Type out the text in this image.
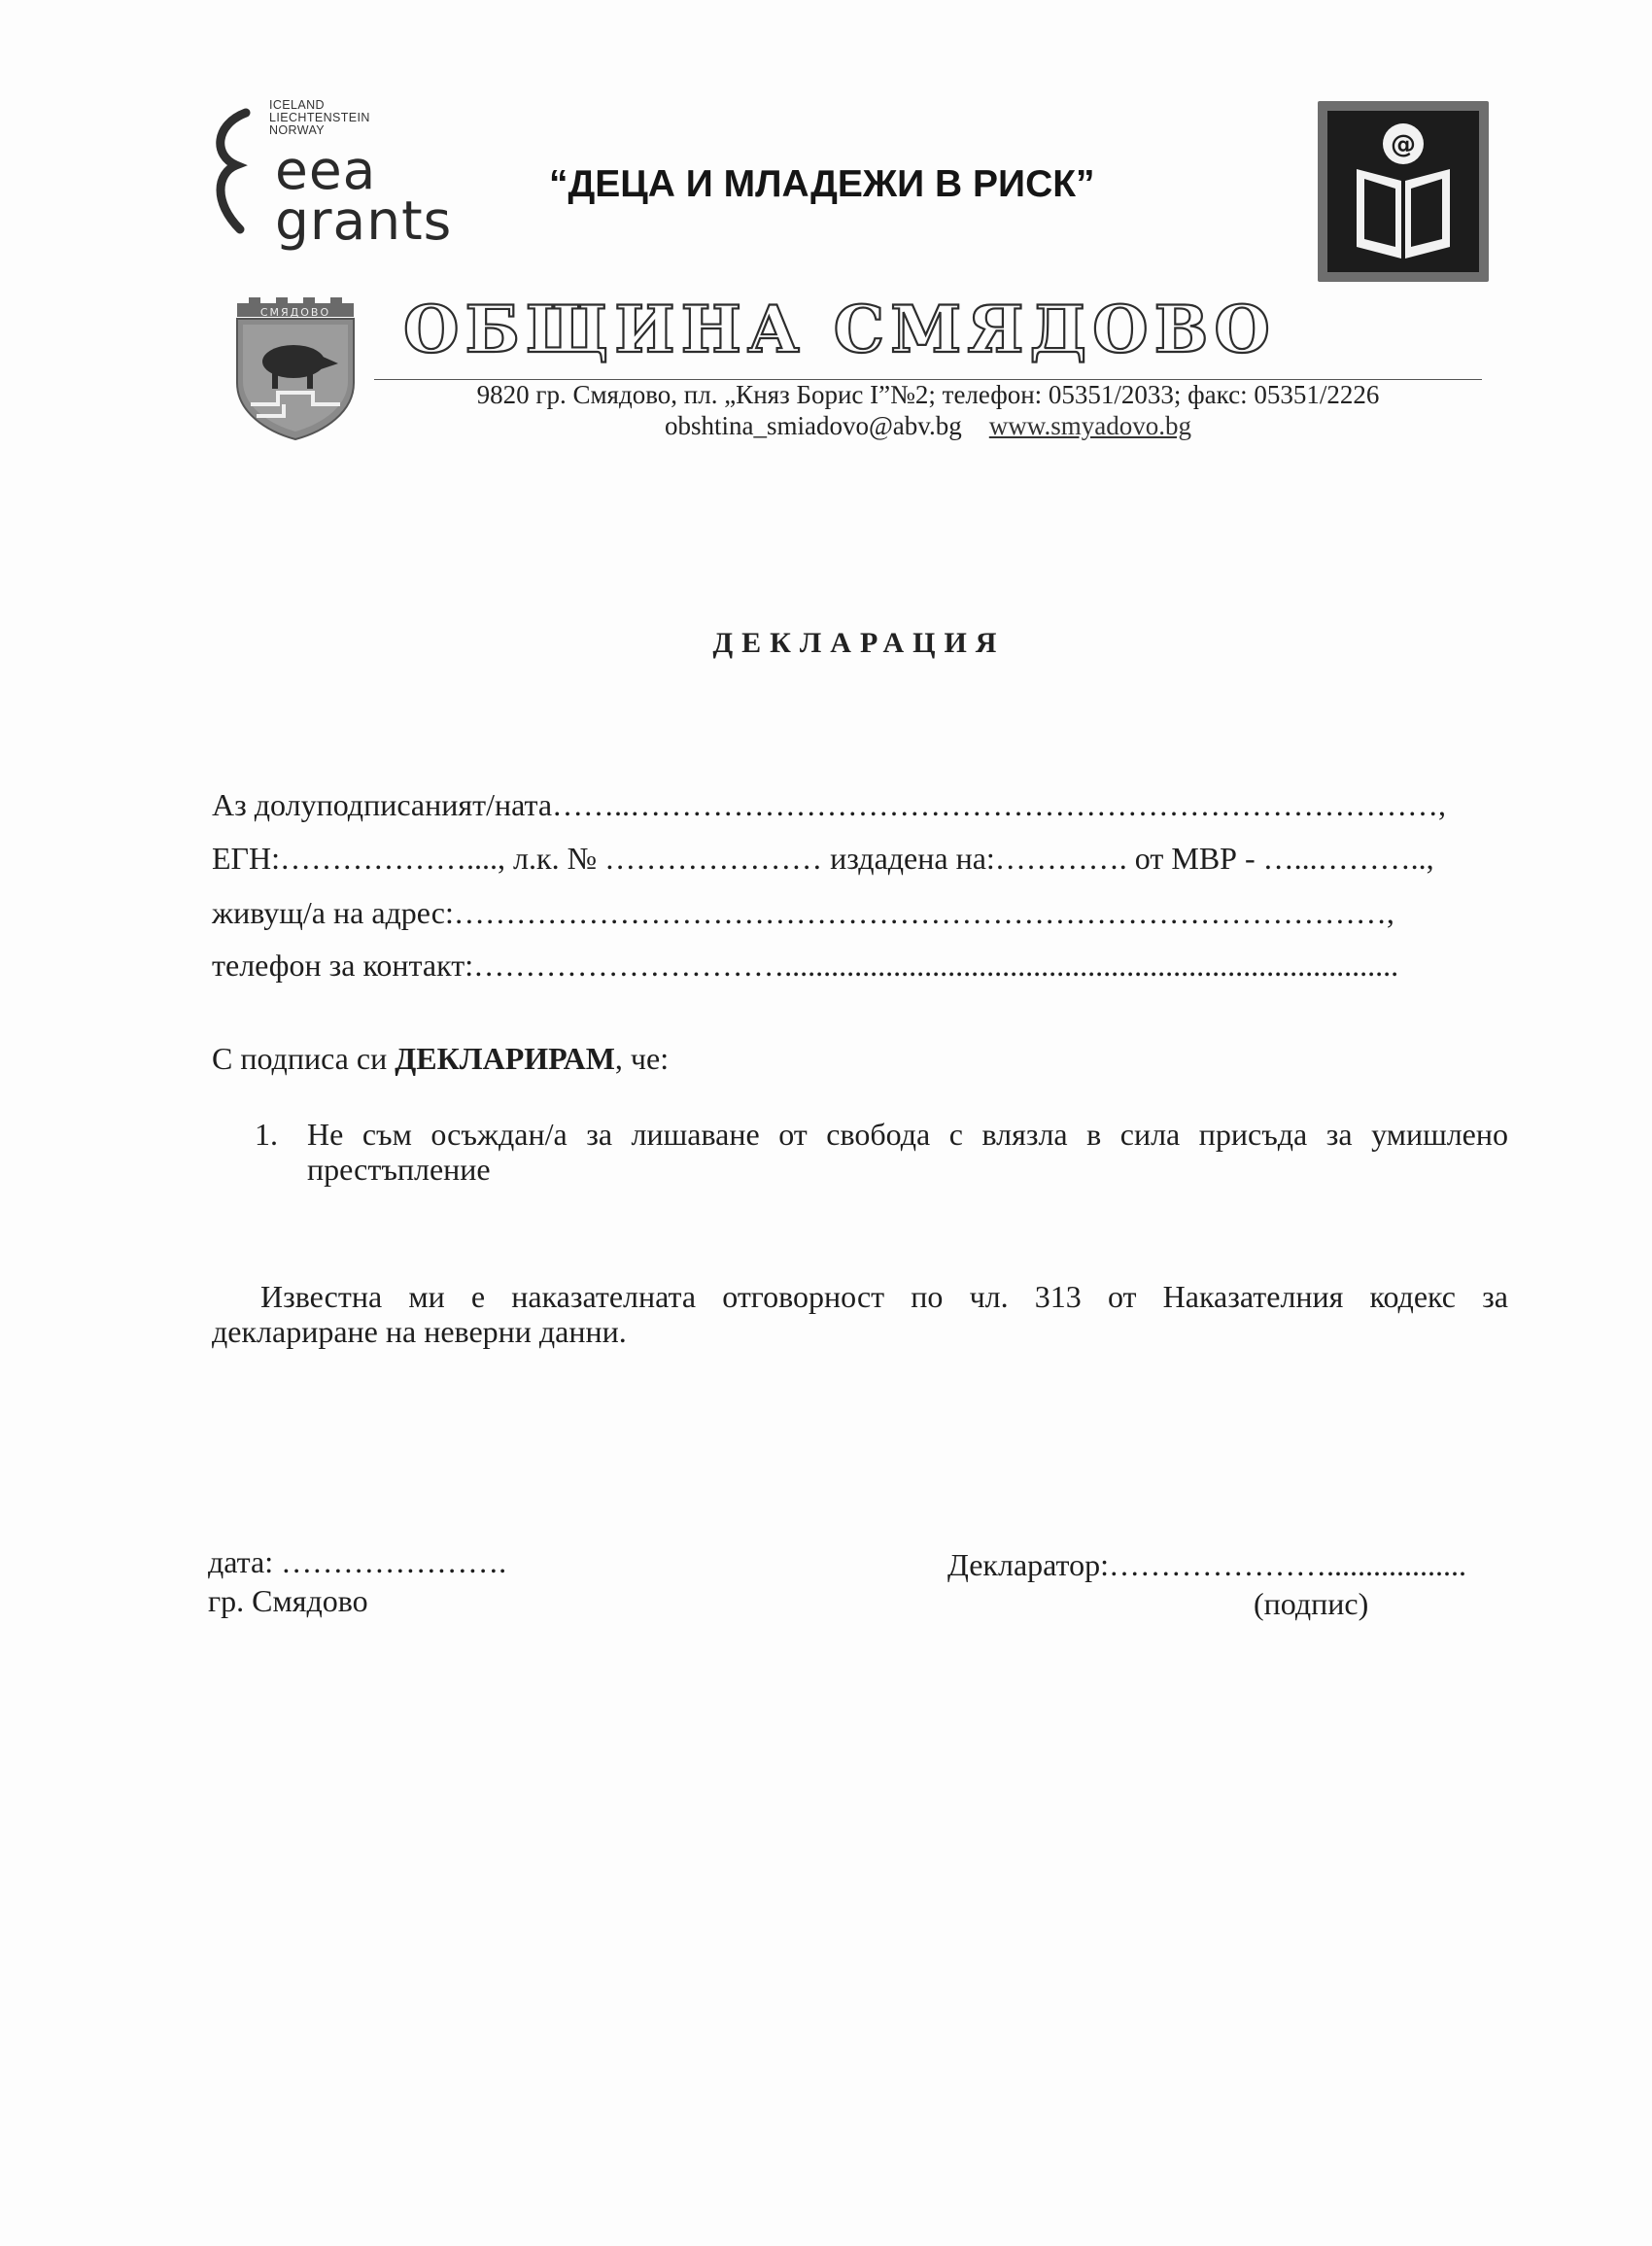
ICELAND
LIECHTENSTEIN
NORWAY
eea
grants
“ДЕЦА И МЛАДЕЖИ В РИСК”
@
СМЯДОВО ОБЩИНА СМЯДОВО
9820 гр. Смядово, пл. „Княз Борис I”№2; телефон: 05351/2033; факс: 05351/2226
obshtina_smiadovo@abv.bg www.smyadovo.bg
ДЕКЛАРАЦИЯ
Аз долуподписаният/ната……..……………………………………………………………………,
ЕГН:………………...., л.к. № ………………… издадена на:…………. от МВР - …...………..,
живущ/а на адрес:………………………………………………………………………………,
телефон за контакт:…………………………...............................................................................
С подписа си ДЕКЛАРИРАМ, че:
1. Не съм осъждан/а за лишаване от свобода с влязла в сила присъда за умишлено
престъпление
Известна ми е наказателната отговорност по чл. 313 от Наказателния кодекс за
деклариране на неверни данни.
дата: ………………….
гр. Смядово
Декларатор:…………………..................
(подпис)
